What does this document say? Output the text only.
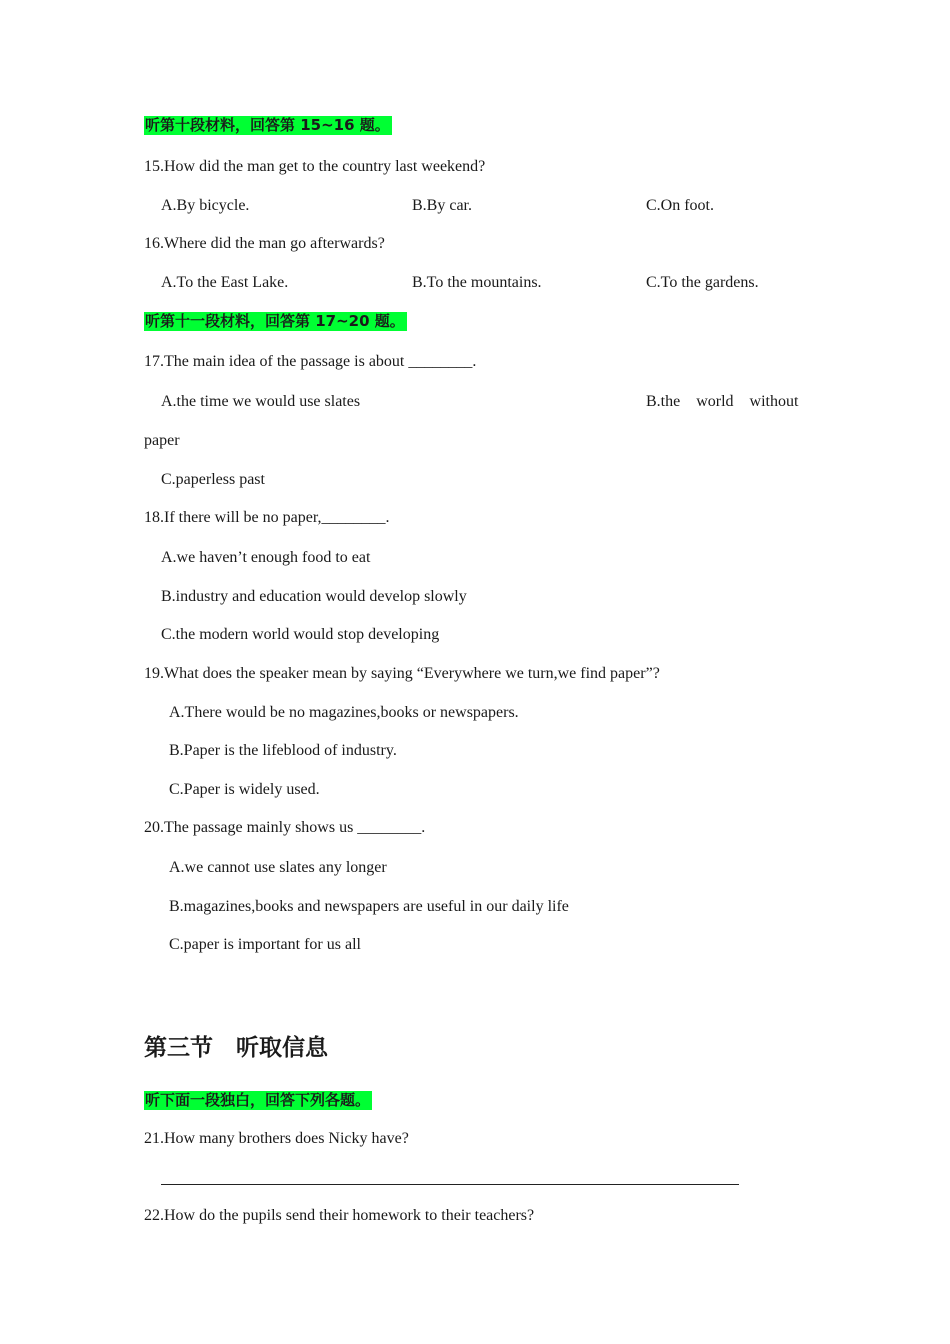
听第十段材料，回答第 15~16 题。
15.How did the man get to the country last weekend?
A.By bicycle.	B.By car.	C.On foot.
16.Where did the man go afterwards?
A.To the East Lake.	B.To the mountains.	C.To the gardens.
听第十一段材料，回答第 17~20 题。
17.The main idea of the passage is about ________.
A.the time we would use slates	B.the    world    without
paper
C.paperless past
18.If there will be no paper,________.
A.we haven’t enough food to eat
B.industry and education would develop slowly
C.the modern world would stop developing
19.What does the speaker mean by saying “Everywhere we turn,we find paper”?
A.There would be no magazines,books or newspapers.
B.Paper is the lifeblood of industry.
C.Paper is widely used.
20.The passage mainly shows us ________.
A.we cannot use slates any longer
B.magazines,books and newspapers are useful in our daily life
C.paper is important for us all
第三节　听取信息
听下面一段独白，回答下列各题。
21.How many brothers does Nicky have?
22.How do the pupils send their homework to their teachers?
